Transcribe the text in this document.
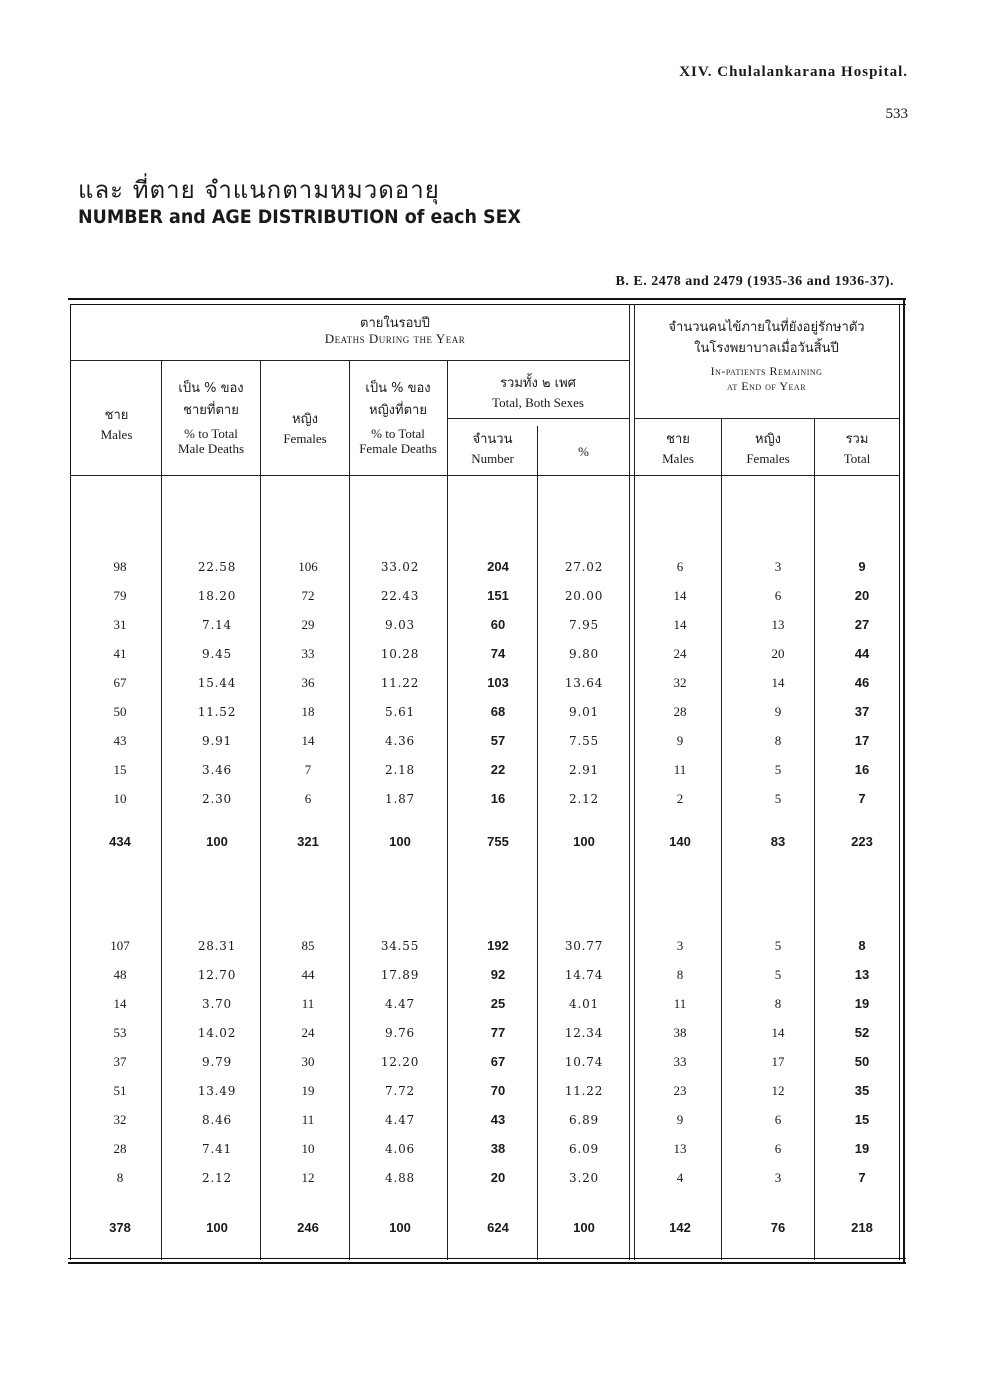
XIV. Chulalankarana Hospital.
533
และ ที่ตาย จำแนกตามหมวดอายุ
NUMBER and AGE DISTRIBUTION of each SEX
B. E. 2478 and 2479 (1935-36 and 1936-37).
ตายในรอบปี
Deaths During the Year
จำนวนคนไข้ภายในที่ยังอยู่รักษาตัว
ในโรงพยาบาลเมื่อวันสิ้นปี
In-patients Remaining
at End of Year
รวมทั้ง ๒ เพศ
Total, Both Sexes
ชาย
Males
เป็น % ของ ชายที่ตาย
% to Total Male Deaths
หญิง
Females
เป็น % ของ หญิงที่ตาย
% to Total Female Deaths
จำนวน
Number	%
ชาย
Males
หญิง
Females
รวม
Total
98	22.58	106	33.02	204	27.02	6	3	9
79	18.20	72	22.43	151	20.00	14	6	20
31	7.14	29	9.03	60	7.95	14	13	27
41	9.45	33	10.28	74	9.80	24	20	44
67	15.44	36	11.22	103	13.64	32	14	46
50	11.52	18	5.61	68	9.01	28	9	37
43	9.91	14	4.36	57	7.55	9	8	17
15	3.46	7	2.18	22	2.91	11	5	16
10	2.30	6	1.87	16	2.12	2	5	7
434	100	321	100	755	100	140	83	223
107	28.31	85	34.55	192	30.77	3	5	8
48	12.70	44	17.89	92	14.74	8	5	13
14	3.70	11	4.47	25	4.01	11	8	19
53	14.02	24	9.76	77	12.34	38	14	52
37	9.79	30	12.20	67	10.74	33	17	50
51	13.49	19	7.72	70	11.22	23	12	35
32	8.46	11	4.47	43	6.89	9	6	15
28	7.41	10	4.06	38	6.09	13	6	19
8	2.12	12	4.88	20	3.20	4	3	7
378	100	246	100	624	100	142	76	218
